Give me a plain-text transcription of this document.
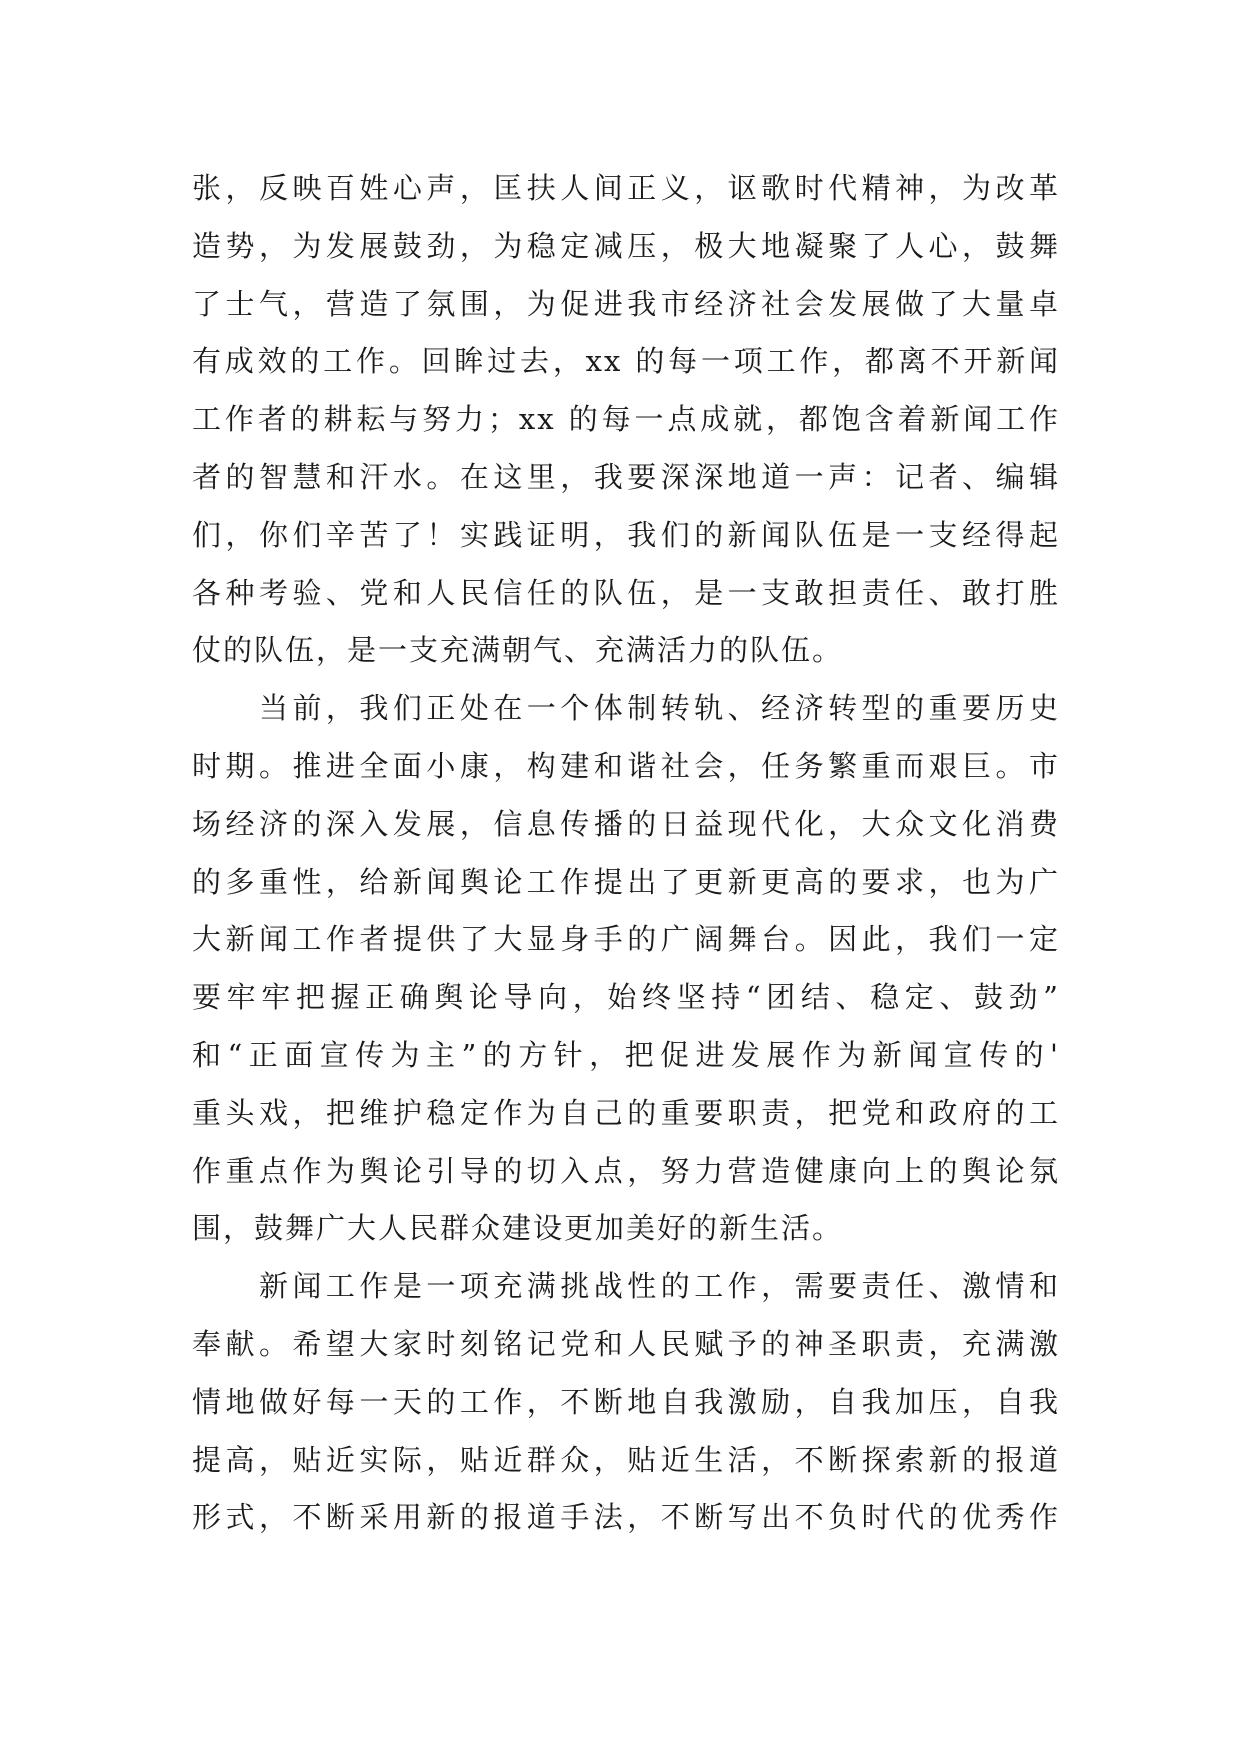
张，反映百姓心声，匡扶人间正义，讴歌时代精神，为改革
造势，为发展鼓劲，为稳定减压，极大地凝聚了人心，鼓舞
了士气，营造了氛围，为促进我市经济社会发展做了大量卓
有成效的工作。回眸过去，xx 的每一项工作，都离不开新闻
工作者的耕耘与努力；xx 的每一点成就，都饱含着新闻工作
者的智慧和汗水。在这里，我要深深地道一声：记者、编辑
们，你们辛苦了！实践证明，我们的新闻队伍是一支经得起
各种考验、党和人民信任的队伍，是一支敢担责任、敢打胜
仗的队伍，是一支充满朝气、充满活力的队伍。
　　当前，我们正处在一个体制转轨、经济转型的重要历史
时期。推进全面小康，构建和谐社会，任务繁重而艰巨。市
场经济的深入发展，信息传播的日益现代化，大众文化消费
的多重性，给新闻舆论工作提出了更新更高的要求，也为广
大新闻工作者提供了大显身手的广阔舞台。因此，我们一定
要牢牢把握正确舆论导向，始终坚持“团结、稳定、鼓劲”
和“正面宣传为主”的方针，把促进发展作为新闻宣传的'
重头戏，把维护稳定作为自己的重要职责，把党和政府的工
作重点作为舆论引导的切入点，努力营造健康向上的舆论氛
围，鼓舞广大人民群众建设更加美好的新生活。
　　新闻工作是一项充满挑战性的工作，需要责任、激情和
奉献。希望大家时刻铭记党和人民赋予的神圣职责，充满激
情地做好每一天的工作，不断地自我激励，自我加压，自我
提高，贴近实际，贴近群众，贴近生活，不断探索新的报道
形式，不断采用新的报道手法，不断写出不负时代的优秀作
